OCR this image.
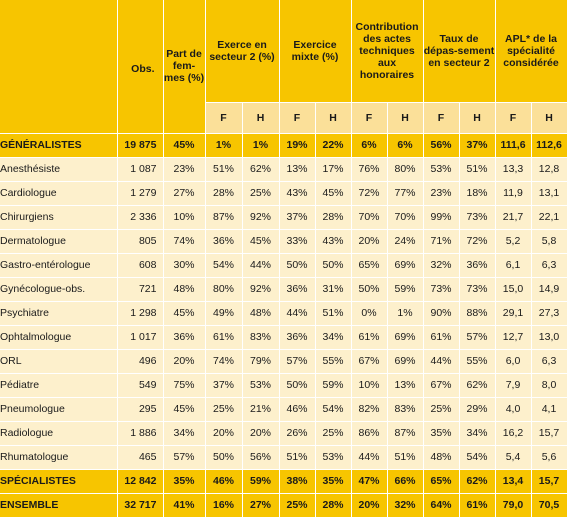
	Obs.	Part de fem-mes (%)	Exerce en secteur 2 (%)		Exercice mixte (%)		Contribution des actes techniques aux honoraires		Taux de dépas-sement en secteur 2		APL* de la spécialité considérée	
			F	H	F	H	F	H	F	H	F	H
GÉNÉRALISTES	19 875	45%	1%	1%	19%	22%	6%	6%	56%	37%	111,6	112,6
Anesthésiste	1 087	23%	51%	62%	13%	17%	76%	80%	53%	51%	13,3	12,8
Cardiologue	1 279	27%	28%	25%	43%	45%	72%	77%	23%	18%	11,9	13,1
Chirurgiens	2 336	10%	87%	92%	37%	28%	70%	70%	99%	73%	21,7	22,1
Dermatologue	805	74%	36%	45%	33%	43%	20%	24%	71%	72%	5,2	5,8
Gastro-entérologue	608	30%	54%	44%	50%	50%	65%	69%	32%	36%	6,1	6,3
Gynécologue-obs.	721	48%	80%	92%	36%	31%	50%	59%	73%	73%	15,0	14,9
Psychiatre	1 298	45%	49%	48%	44%	51%	0%	1%	90%	88%	29,1	27,3
Ophtalmologue	1 017	36%	61%	83%	36%	34%	61%	69%	61%	57%	12,7	13,0
ORL	496	20%	74%	79%	57%	55%	67%	69%	44%	55%	6,0	6,3
Pédiatre	549	75%	37%	53%	50%	59%	10%	13%	67%	62%	7,9	8,0
Pneumologue	295	45%	25%	21%	46%	54%	82%	83%	25%	29%	4,0	4,1
Radiologue	1 886	34%	20%	20%	26%	25%	86%	87%	35%	34%	16,2	15,7
Rhumatologue	465	57%	50%	56%	51%	53%	44%	51%	48%	54%	5,4	5,6
SPÉCIALISTES	12 842	35%	46%	59%	38%	35%	47%	66%	65%	62%	13,4	15,7
ENSEMBLE	32 717	41%	16%	27%	25%	28%	20%	32%	64%	61%	79,0	70,5
